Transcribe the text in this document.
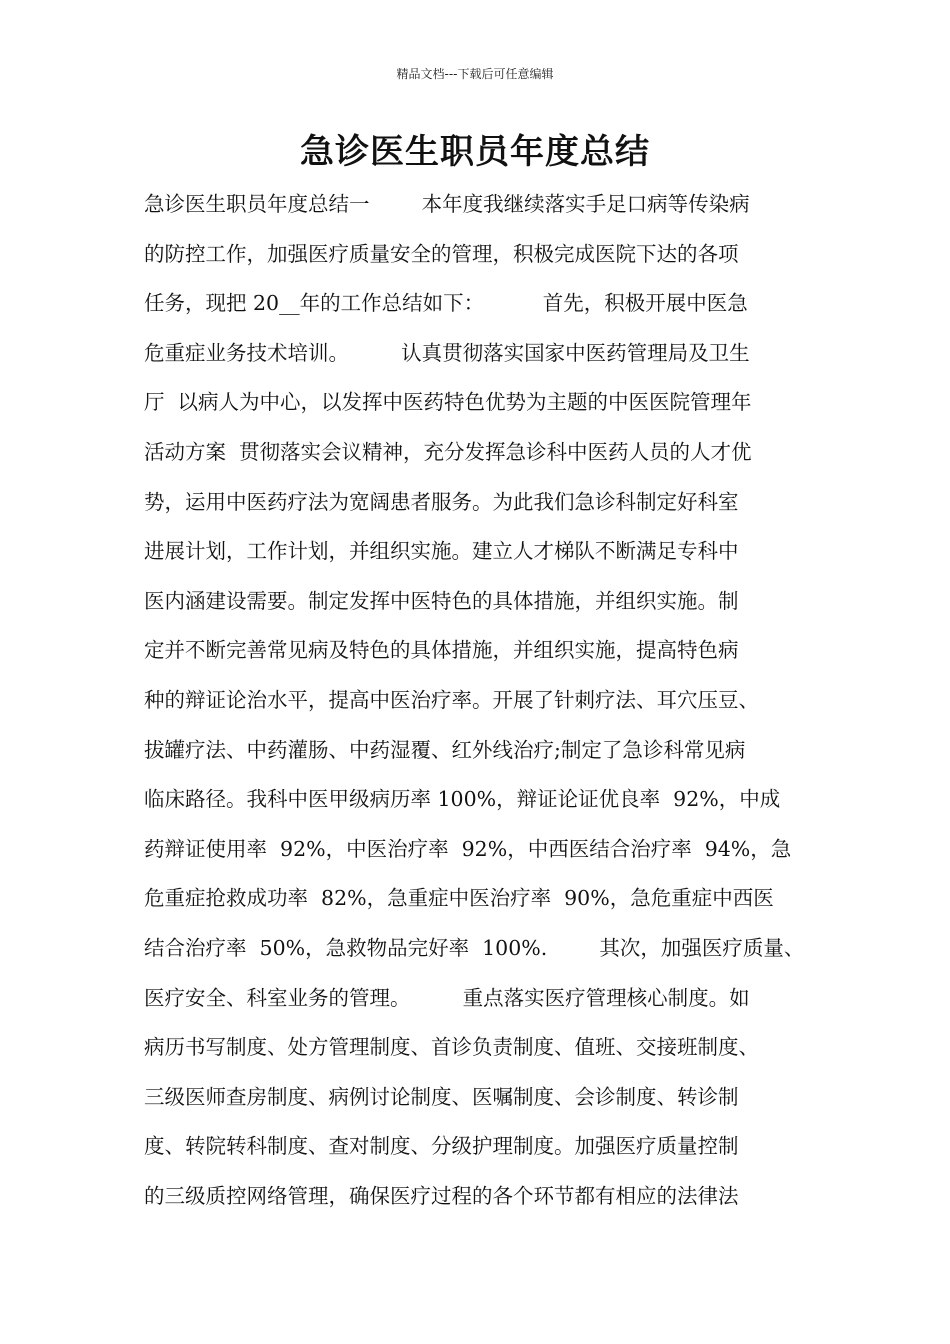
精品文档---下载后可任意编辑
急诊医生职员年度总结
急诊医生职员年度总结一        本年度我继续落实手足口病等传染病
的防控工作，加强医疗质量安全的管理，积极完成医院下达的各项
任务，现把 20__年的工作总结如下：         首先，积极开展中医急
危重症业务技术培训。        认真贯彻落实国家中医药管理局及卫生
厅  以病人为中心，以发挥中医药特色优势为主题的中医医院管理年
活动方案  贯彻落实会议精神，充分发挥急诊科中医药人员的人才优
势，运用中医药疗法为宽阔患者服务。为此我们急诊科制定好科室
进展计划，工作计划，并组织实施。建立人才梯队不断满足专科中
医内涵建设需要。制定发挥中医特色的具体措施，并组织实施。制
定并不断完善常见病及特色的具体措施，并组织实施，提高特色病
种的辩证论治水平，提高中医治疗率。开展了针刺疗法、耳穴压豆、
拔罐疗法、中药灌肠、中药湿覆、红外线治疗;制定了急诊科常见病
临床路径。我科中医甲级病历率 100%，辩证论证优良率  92%，中成
药辩证使用率  92%，中医治疗率  92%，中西医结合治疗率  94%，急
危重症抢救成功率  82%，急重症中医治疗率  90%，急危重症中西医
结合治疗率  50%，急救物品完好率  100%.        其次，加强医疗质量、
医疗安全、科室业务的管理。        重点落实医疗管理核心制度。如
病历书写制度、处方管理制度、首诊负责制度、值班、交接班制度、
三级医师查房制度、病例讨论制度、医嘱制度、会诊制度、转诊制
度、转院转科制度、查对制度、分级护理制度。加强医疗质量控制
的三级质控网络管理，确保医疗过程的各个环节都有相应的法律法
